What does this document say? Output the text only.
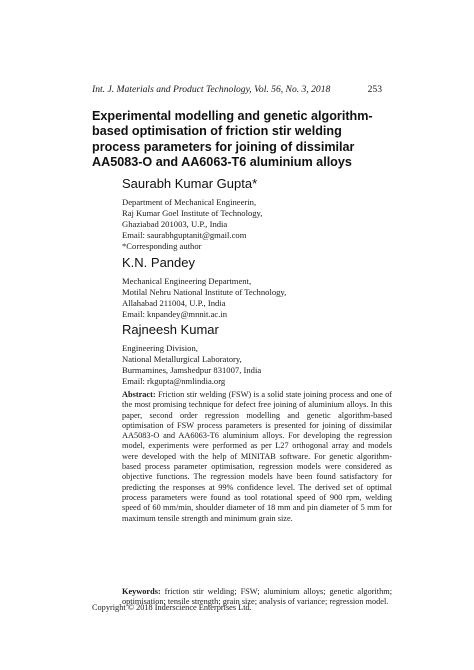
Int. J. Materials and Product Technology, Vol. 56, No. 3, 2018	253
Experimental modelling and genetic algorithm-based optimisation of friction stir welding process parameters for joining of dissimilar AA5083-O and AA6063-T6 aluminium alloys

Saurabh Kumar Gupta*

Department of Mechanical Engineerin,
Raj Kumar Goel Institute of Technology,
Ghaziabad 201003, U.P., India
Email: saurabhguptanit@gmail.com
*Corresponding author

K.N. Pandey

Mechanical Engineering Department,
Motilal Nehru National Institute of Technology,
Allahabad 211004, U.P., India
Email: knpandey@mnnit.ac.in

Rajneesh Kumar

Engineering Division,
National Metallurgical Laboratory,
Burmamines, Jamshedpur 831007, India
Email: rkgupta@nmlindia.org

Abstract: Friction stir welding (FSW) is a solid state joining process and one of the most promising technique for defect free joining of aluminium alloys. In this paper, second order regression modelling and genetic algorithm-based optimisation of FSW process parameters is presented for joining of dissimilar AA5083-O and AA6063-T6 aluminium alloys. For developing the regression model, experiments were performed as per L27 orthogonal array and models were developed with the help of MINITAB software. For genetic algorithm-based process parameter optimisation, regression models were considered as objective functions. The regression models have been found satisfactory for predicting the responses at 99% confidence level. The derived set of optimal process parameters were found as tool rotational speed of 900 rpm, welding speed of 60 mm/min, shoulder diameter of 18 mm and pin diameter of 5 mm for maximum tensile strength and minimum grain size.

Keywords: friction stir welding; FSW; aluminium alloys; genetic algorithm; optimisation; tensile strength; grain size; analysis of variance; regression model.

Copyright © 2018 Inderscience Enterprises Ltd.
